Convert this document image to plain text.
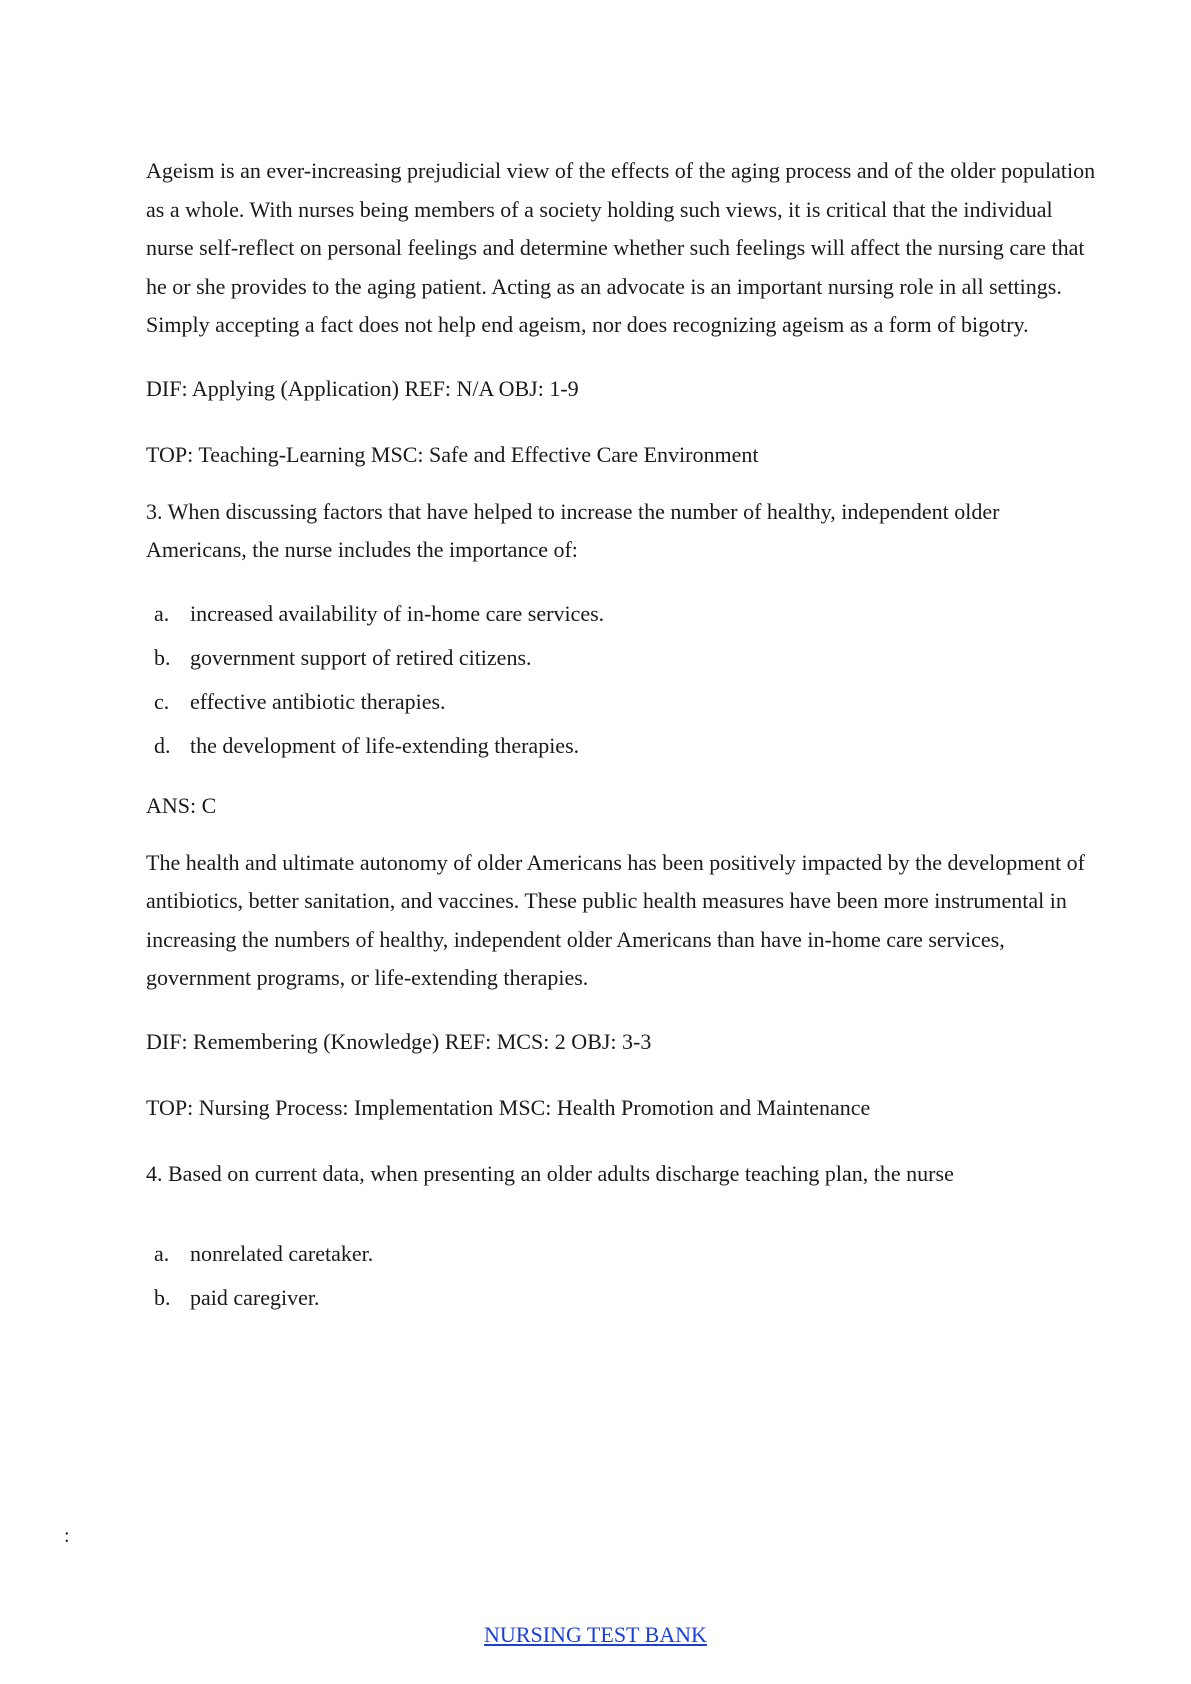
Ageism is an ever-increasing prejudicial view of the effects of the aging process and of the older population as a whole. With nurses being members of a society holding such views, it is critical that the individual nurse self-reflect on personal feelings and determine whether such feelings will affect the nursing care that he or she provides to the aging patient. Acting as an advocate is an important nursing role in all settings. Simply accepting a fact does not help end ageism, nor does recognizing ageism as a form of bigotry.

DIF: Applying (Application) REF: N/A OBJ: 1-9

TOP: Teaching-Learning MSC: Safe and Effective Care Environment

3. When discussing factors that have helped to increase the number of healthy, independent older Americans, the nurse includes the importance of:

a. increased availability of in-home care services.
b. government support of retired citizens.
c. effective antibiotic therapies.
d. the development of life-extending therapies.

ANS: C

The health and ultimate autonomy of older Americans has been positively impacted by the development of antibiotics, better sanitation, and vaccines. These public health measures have been more instrumental in increasing the numbers of healthy, independent older Americans than have in-home care services, government programs, or life-extending therapies.

DIF: Remembering (Knowledge) REF: MCS: 2 OBJ: 3-3

TOP: Nursing Process: Implementation MSC: Health Promotion and Maintenance

4. Based on current data, when presenting an older adults discharge teaching plan, the nurse

a. nonrelated caretaker.
b. paid caregiver.
:
NURSING TEST BANK
